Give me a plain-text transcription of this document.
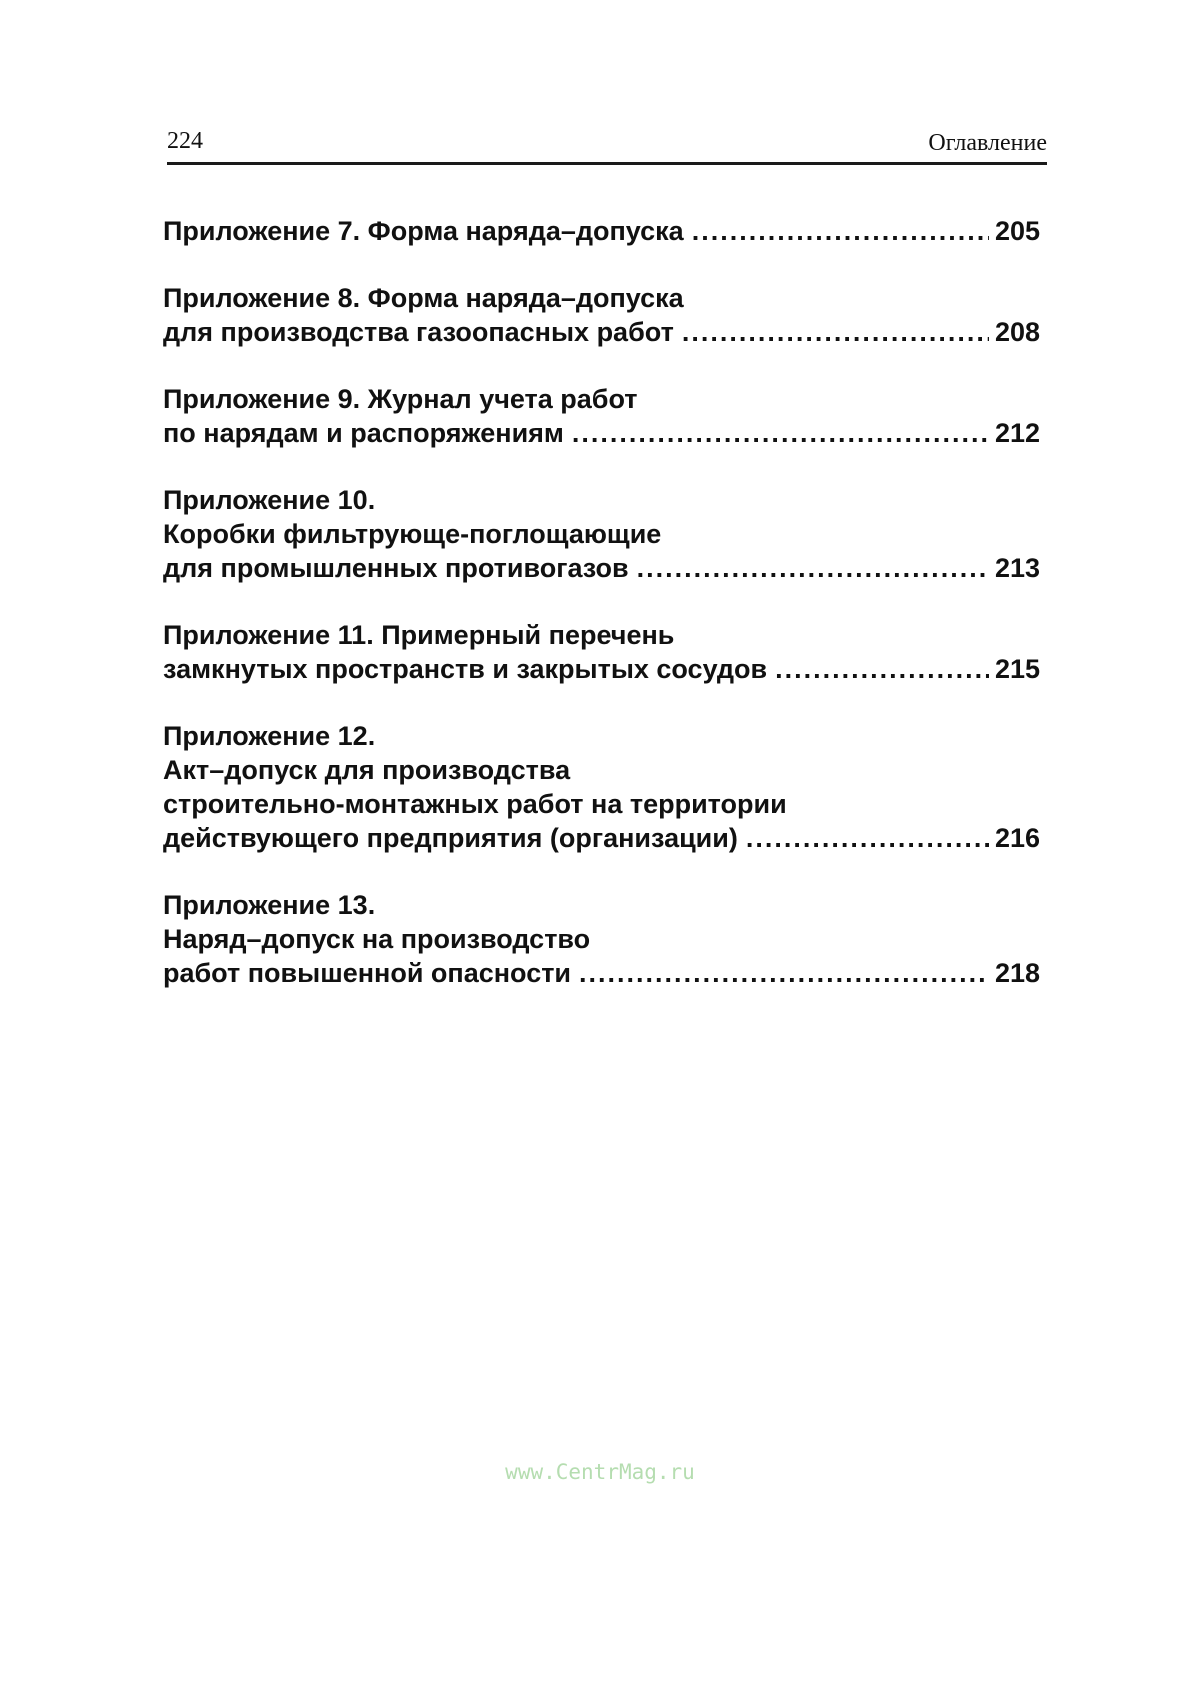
224	Оглавление
Приложение 7. Форма наряда–допуска .....	205
Приложение 8. Форма наряда–допуска
для производства газоопасных работ .....	208
Приложение 9. Журнал учета работ
по нарядам и распоряжениям .....	212
Приложение 10.
Коробки фильтрующе-поглощающие
для промышленных противогазов .....	213
Приложение 11. Примерный перечень
замкнутых пространств и закрытых сосудов .....	215
Приложение 12.
Акт–допуск для производства
строительно-монтажных работ на территории
действующего предприятия (организации) .....	216
Приложение 13.
Наряд–допуск на производство
работ повышенной опасности .....	218
www.CentrMag.ru
